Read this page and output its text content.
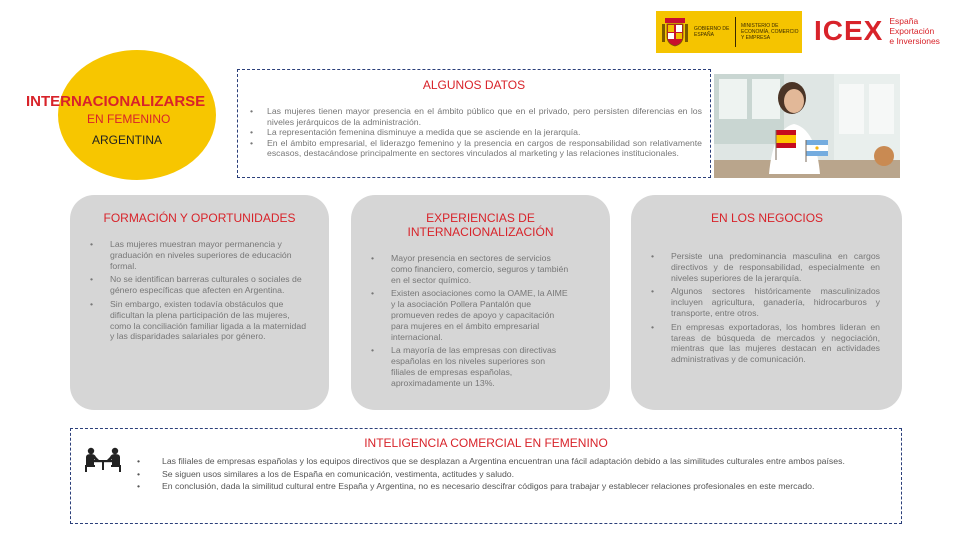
GOBIERNO DE ESPAÑA
MINISTERIO DE ECONOMÍA, COMERCIO Y EMPRESA	ICEX España
Exportación
e Inversiones
INTERNACIONALIZARSE
EN FEMENINO
ARGENTINA
ALGUNOS DATOS
• Las mujeres tienen mayor presencia en el ámbito público que en el privado, pero persisten diferencias en los niveles jerárquicos de la administración.
• La representación femenina disminuye a medida que se asciende en la jerarquía.
• En el ámbito empresarial, el liderazgo femenino y la presencia en cargos de responsabilidad son relativamente escasos, destacándose principalmente en sectores vinculados al marketing y las relaciones institucionales.
FORMACIÓN Y OPORTUNIDADES
• Las mujeres muestran mayor permanencia y graduación en niveles superiores de educación formal.
• No se identifican barreras culturales o sociales de género específicas que afecten en Argentina.
• Sin embargo, existen todavía obstáculos que dificultan la plena participación de las mujeres, como la conciliación familiar ligada a la maternidad y las disparidades salariales por género.
EXPERIENCIAS DE
INTERNACIONALIZACIÓN
• Mayor presencia en sectores de servicios como financiero, comercio, seguros y también en el sector químico.
• Existen asociaciones como la OAME, la AIME y la asociación Pollera Pantalón que promueven redes de apoyo y capacitación para mujeres en el ámbito empresarial internacional.
• La mayoría de las empresas con directivas españolas en los niveles superiores son filiales de empresas españolas, aproximadamente un 13%.
EN LOS NEGOCIOS
• Persiste una predominancia masculina en cargos directivos y de responsabilidad, especialmente en niveles superiores de la jerarquía.
• Algunos sectores históricamente masculinizados incluyen agricultura, ganadería, hidrocarburos y transporte, entre otros.
• En empresas exportadoras, los hombres lideran en tareas de búsqueda de mercados y negociación, mientras que las mujeres destacan en actividades administrativas y de comunicación.
INTELIGENCIA COMERCIAL EN FEMENINO
• Las filiales de empresas españolas y los equipos directivos que se desplazan a Argentina encuentran una fácil adaptación debido a las similitudes culturales entre ambos países.
• Se siguen usos similares a los de España en comunicación, vestimenta, actitudes y saludo.
• En conclusión, dada la similitud cultural entre España y Argentina, no es necesario descifrar códigos para trabajar y establecer relaciones profesionales en este mercado.
